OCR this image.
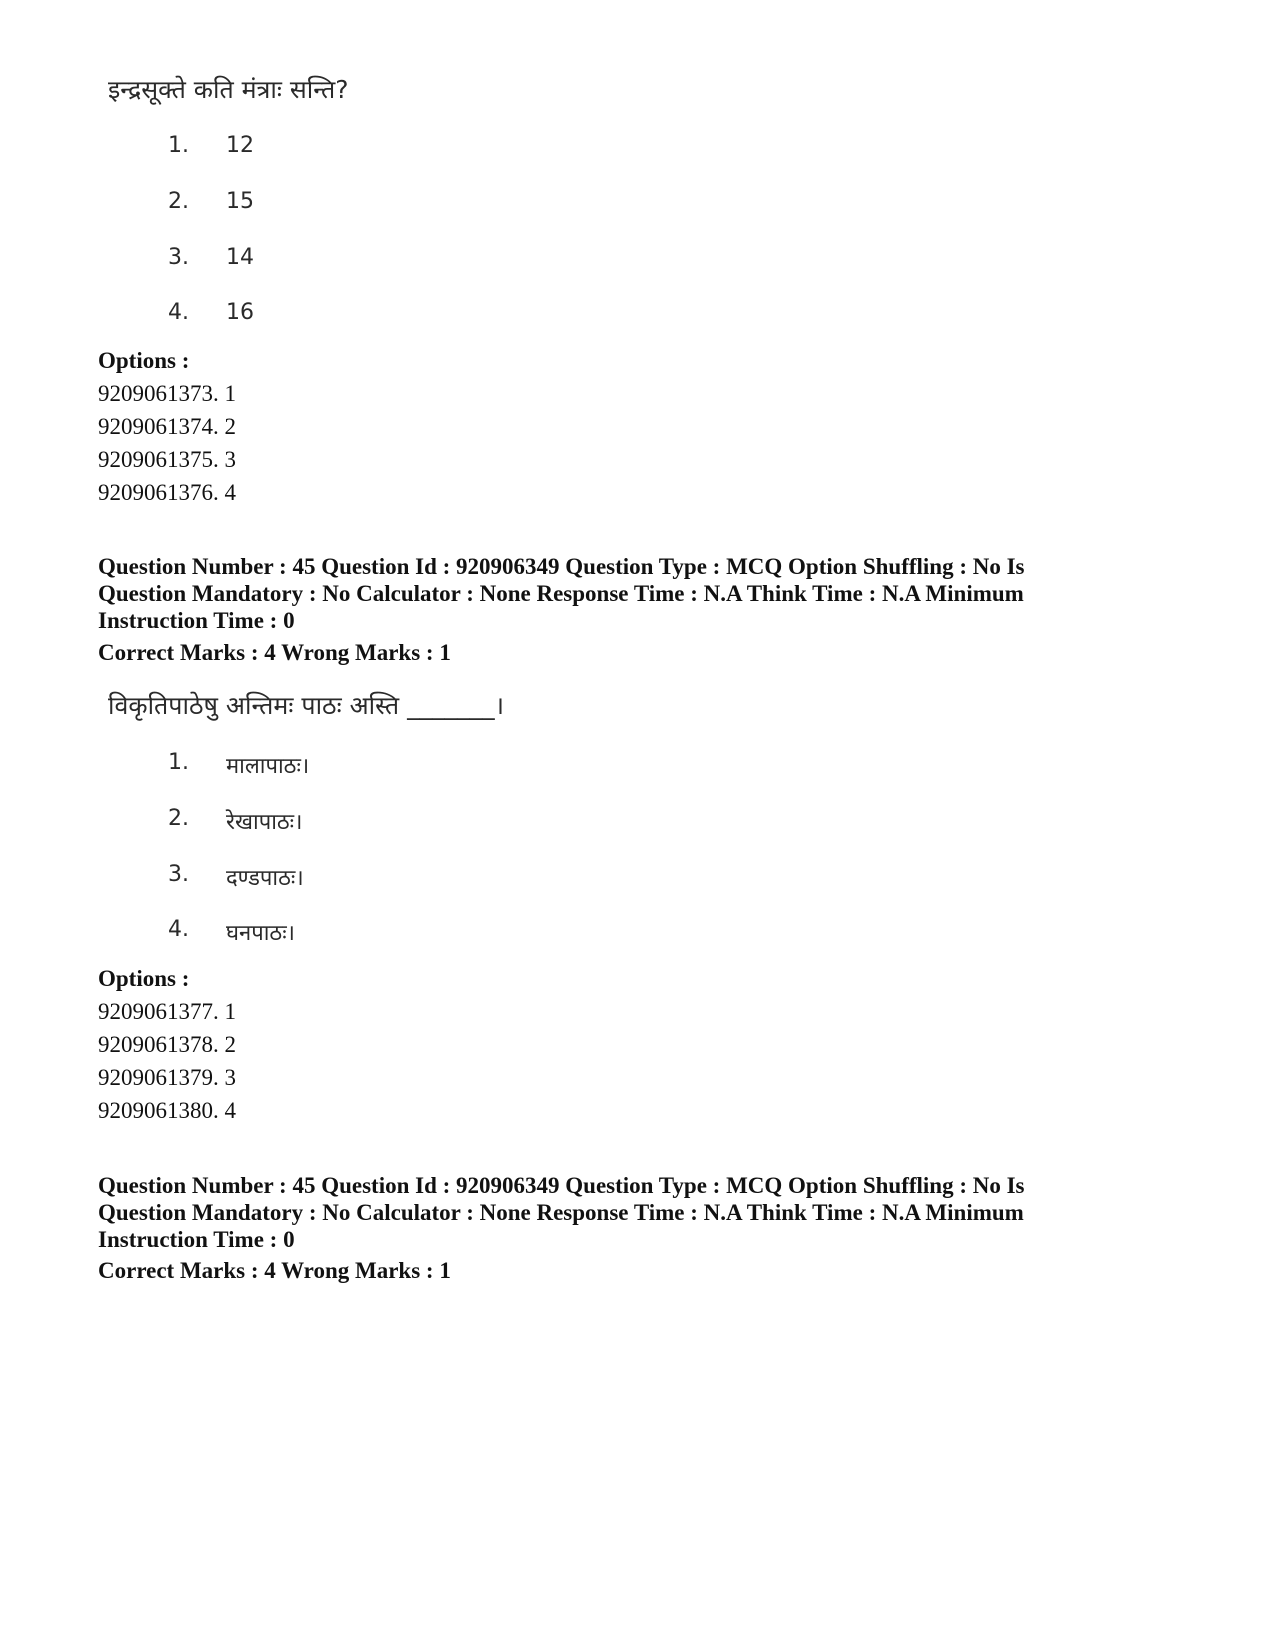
इन्द्रसूक्ते कति मंत्राः सन्ति?
1. 12
2. 15
3. 14
4. 16
Options :
9209061373. 1
9209061374. 2
9209061375. 3
9209061376. 4
Question Number : 45 Question Id : 920906349 Question Type : MCQ Option Shuffling : No Is Question Mandatory : No Calculator : None Response Time : N.A Think Time : N.A Minimum Instruction Time : 0
Correct Marks : 4 Wrong Marks : 1
विकृतिपाठेषु अन्तिमः पाठः अस्ति _______।
1. मालापाठः।
2. रेखापाठः।
3. दण्डपाठः।
4. घनपाठः।
Options :
9209061377. 1
9209061378. 2
9209061379. 3
9209061380. 4
Question Number : 45 Question Id : 920906349 Question Type : MCQ Option Shuffling : No Is Question Mandatory : No Calculator : None Response Time : N.A Think Time : N.A Minimum Instruction Time : 0
Correct Marks : 4 Wrong Marks : 1
